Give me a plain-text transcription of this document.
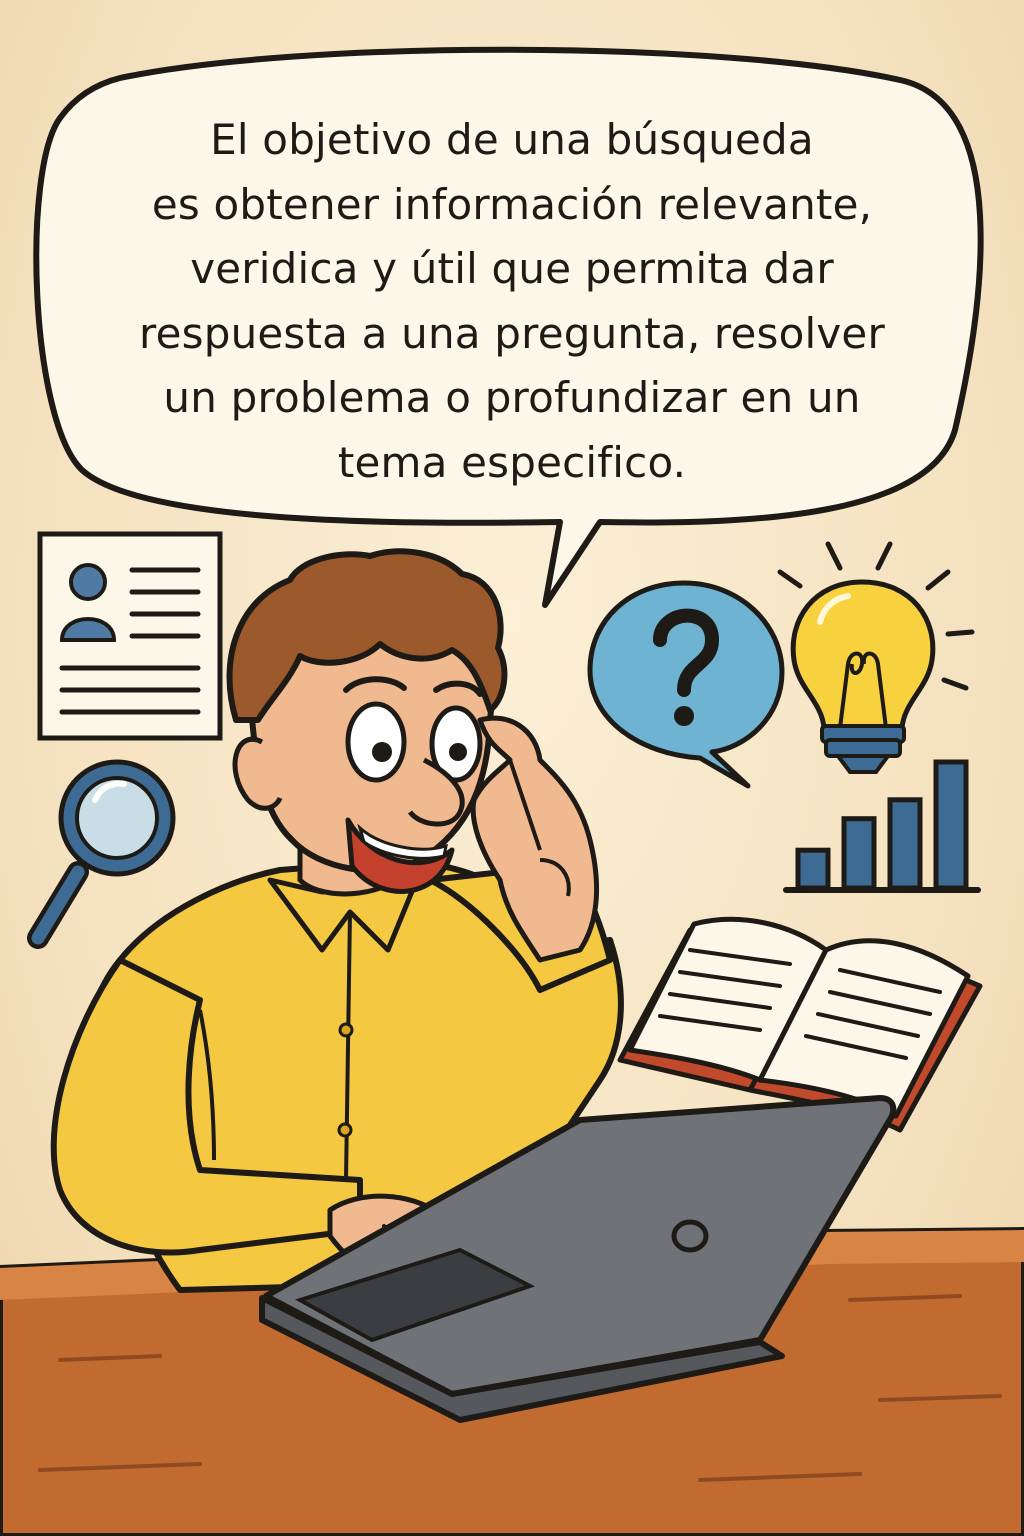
El objetivo de una búsqueda
es obtener información relevante,
veridica y útil que permita dar
respuesta a una pregunta, resolver
un problema o profundizar en un
tema especifico.
